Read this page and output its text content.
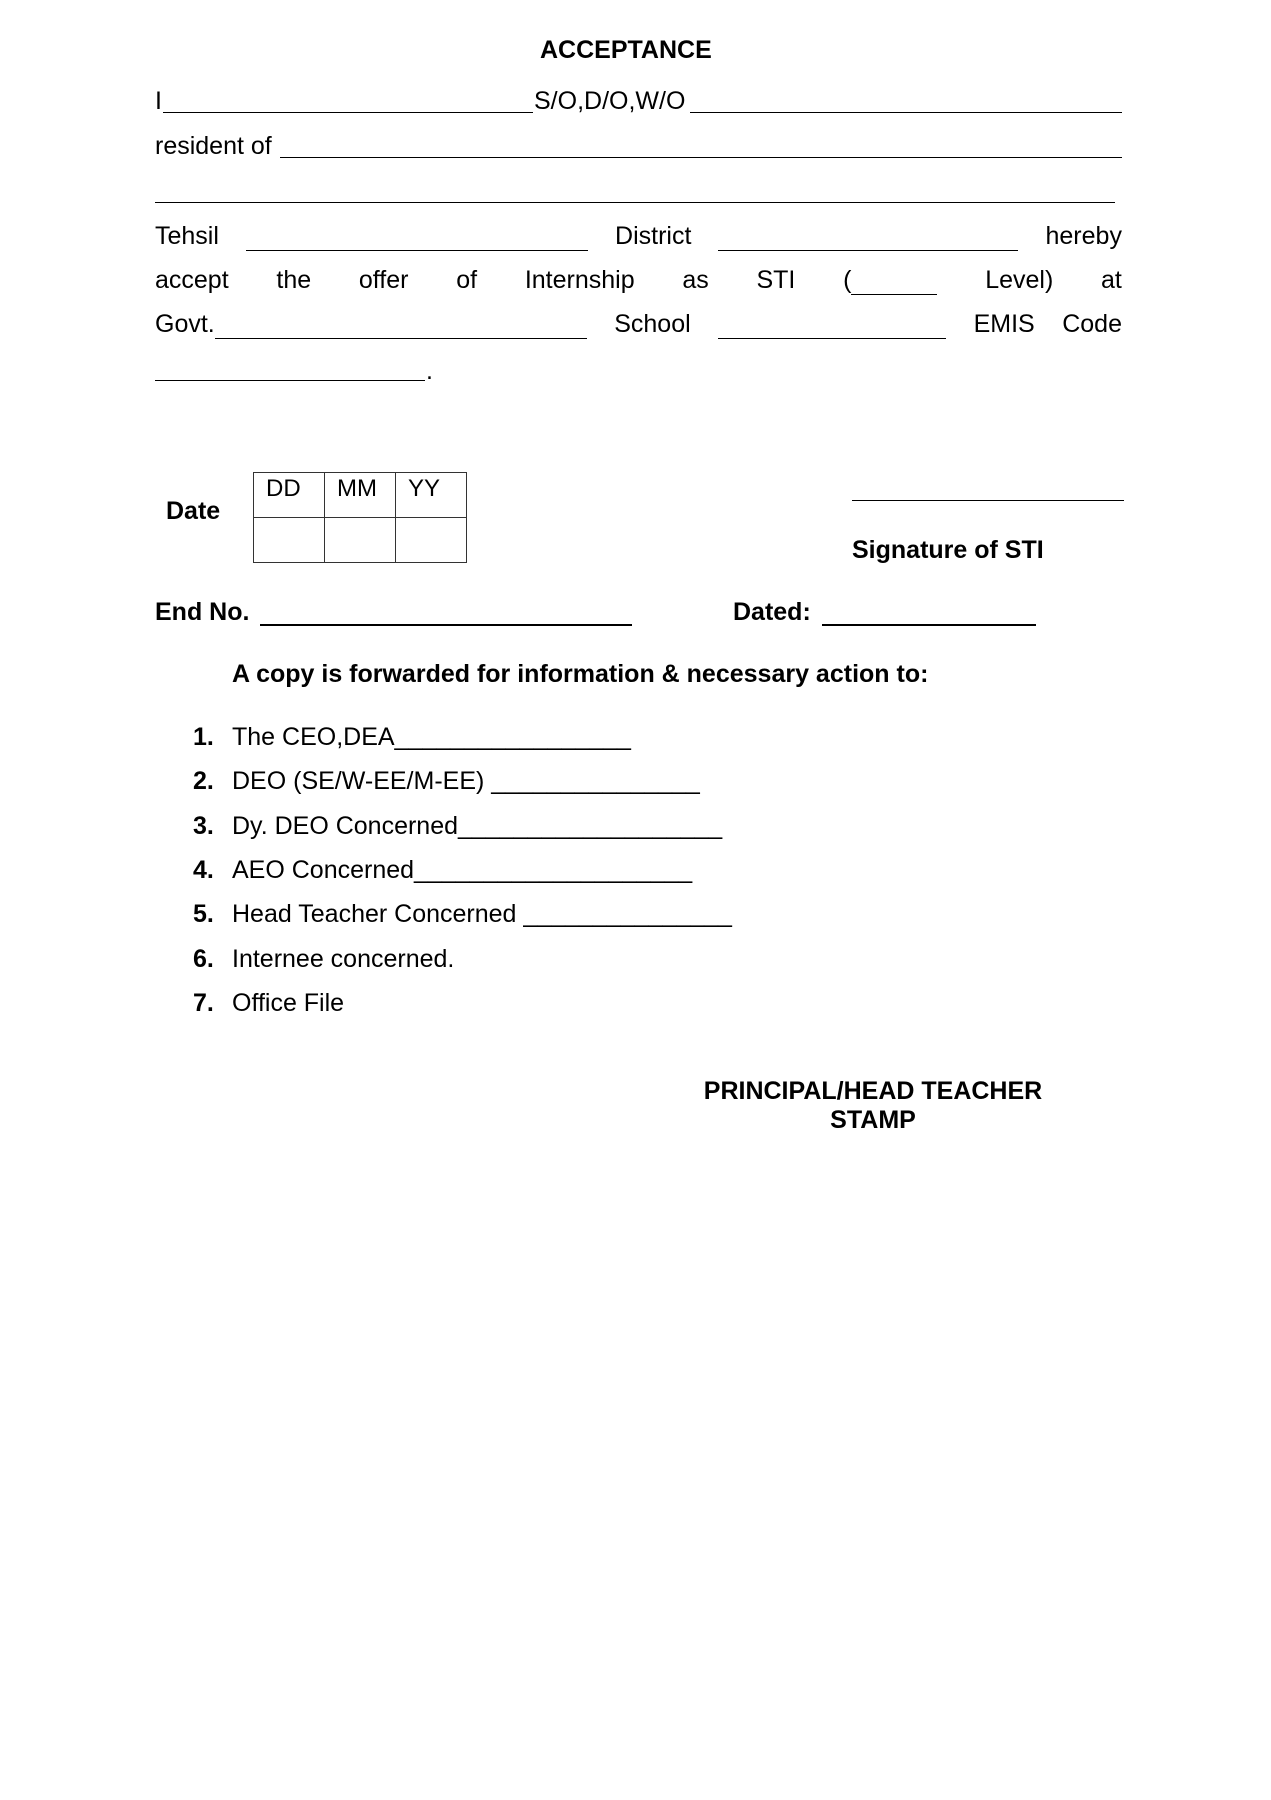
ACCEPTANCE
I	S/O,D/O,W/O
resident of
Tehsil	District	hereby
accept the offer of Internship as STI (	Level) at
Govt.	School	EMIS Code
.
Date
DD	MM	YY

Signature of STI
End No.	Dated:
A copy is forwarded for information & necessary action to:
1. The CEO,DEA_________________
2. DEO (SE/W-EE/M-EE) _______________
3. Dy. DEO Concerned___________________
4. AEO Concerned____________________
5. Head Teacher Concerned _______________
6. Internee concerned.
7. Office File
PRINCIPAL/HEAD TEACHER
STAMP
